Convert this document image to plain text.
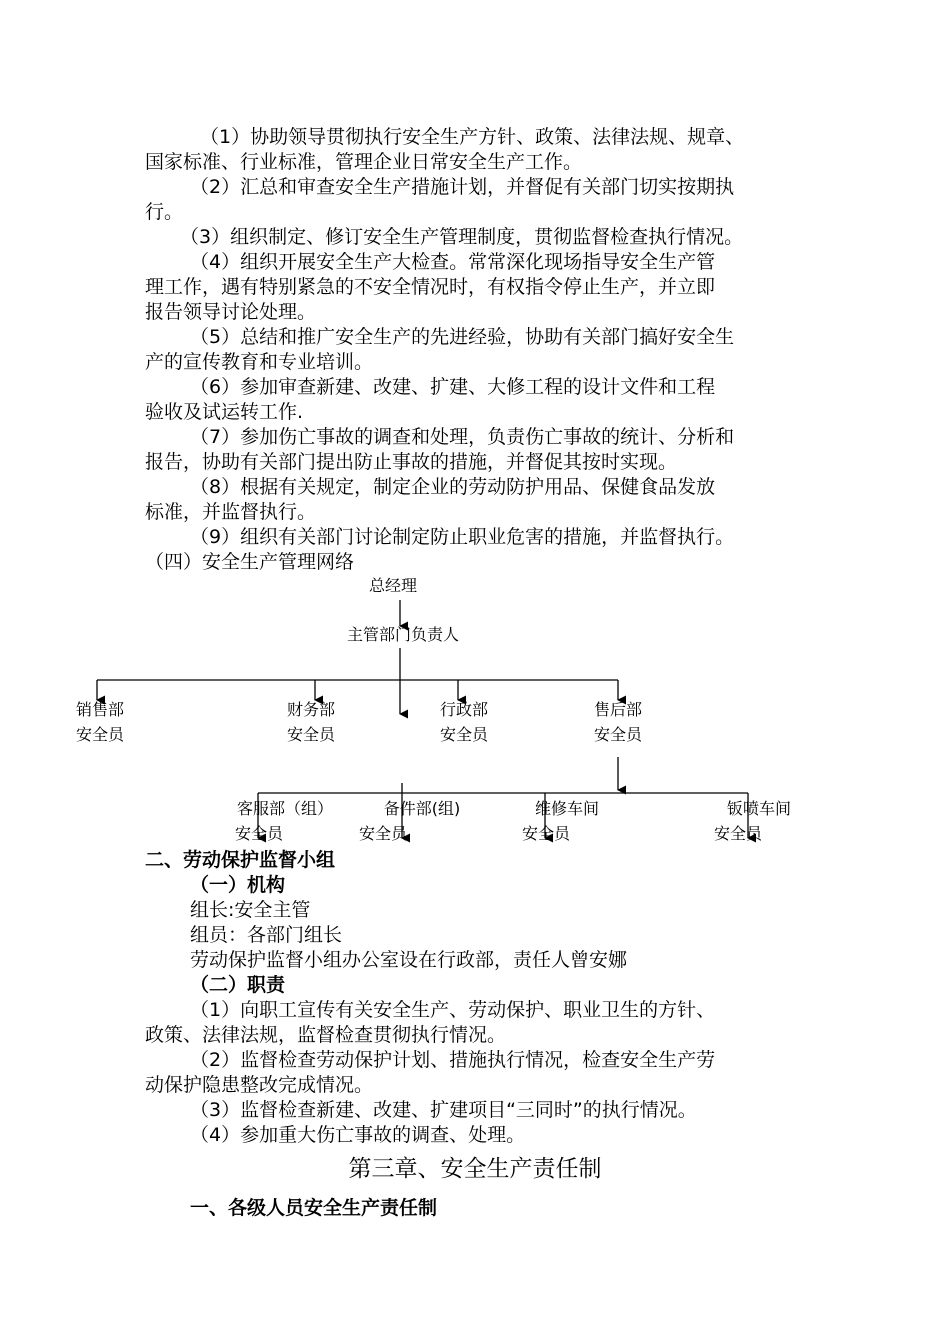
（1）协助领导贯彻执行安全生产方针、政策、法律法规、规章、
国家标准、行业标准，管理企业日常安全生产工作。
（2）汇总和审查安全生产措施计划，并督促有关部门切实按期执
行。
（3）组织制定、修订安全生产管理制度，贯彻监督检查执行情况。
（4）组织开展安全生产大检查。常常深化现场指导安全生产管
理工作，遇有特别紧急的不安全情况时，有权指令停止生产，并立即
报告领导讨论处理。
（5）总结和推广安全生产的先进经验，协助有关部门搞好安全生
产的宣传教育和专业培训。
（6）参加审查新建、改建、扩建、大修工程的设计文件和工程
验收及试运转工作.
（7）参加伤亡事故的调查和处理，负责伤亡事故的统计、分析和
报告，协助有关部门提出防止事故的措施，并督促其按时实现。
（8）根据有关规定，制定企业的劳动防护用品、保健食品发放
标准，并监督执行。
（9）组织有关部门讨论制定防止职业危害的措施，并监督执行。
（四）安全生产管理网络
总经理
主管部门负责人
销售部
安全员
财务部
安全员
行政部
安全员
售后部
安全员
客服部（组）
安全员
备件部(组)
安全员
维修车间
安全员
钣喷车间
安全员
二、劳动保护监督小组
（一）机构
组长:安全主管
组员：各部门组长
劳动保护监督小组办公室设在行政部，责任人曾安娜
（二）职责
（1）向职工宣传有关安全生产、劳动保护、职业卫生的方针、
政策、法律法规，监督检查贯彻执行情况。
（2）监督检查劳动保护计划、措施执行情况，检查安全生产劳
动保护隐患整改完成情况。
（3）监督检查新建、改建、扩建项目“三同时”的执行情况。
（4）参加重大伤亡事故的调查、处理。
第三章、安全生产责任制
一、各级人员安全生产责任制
